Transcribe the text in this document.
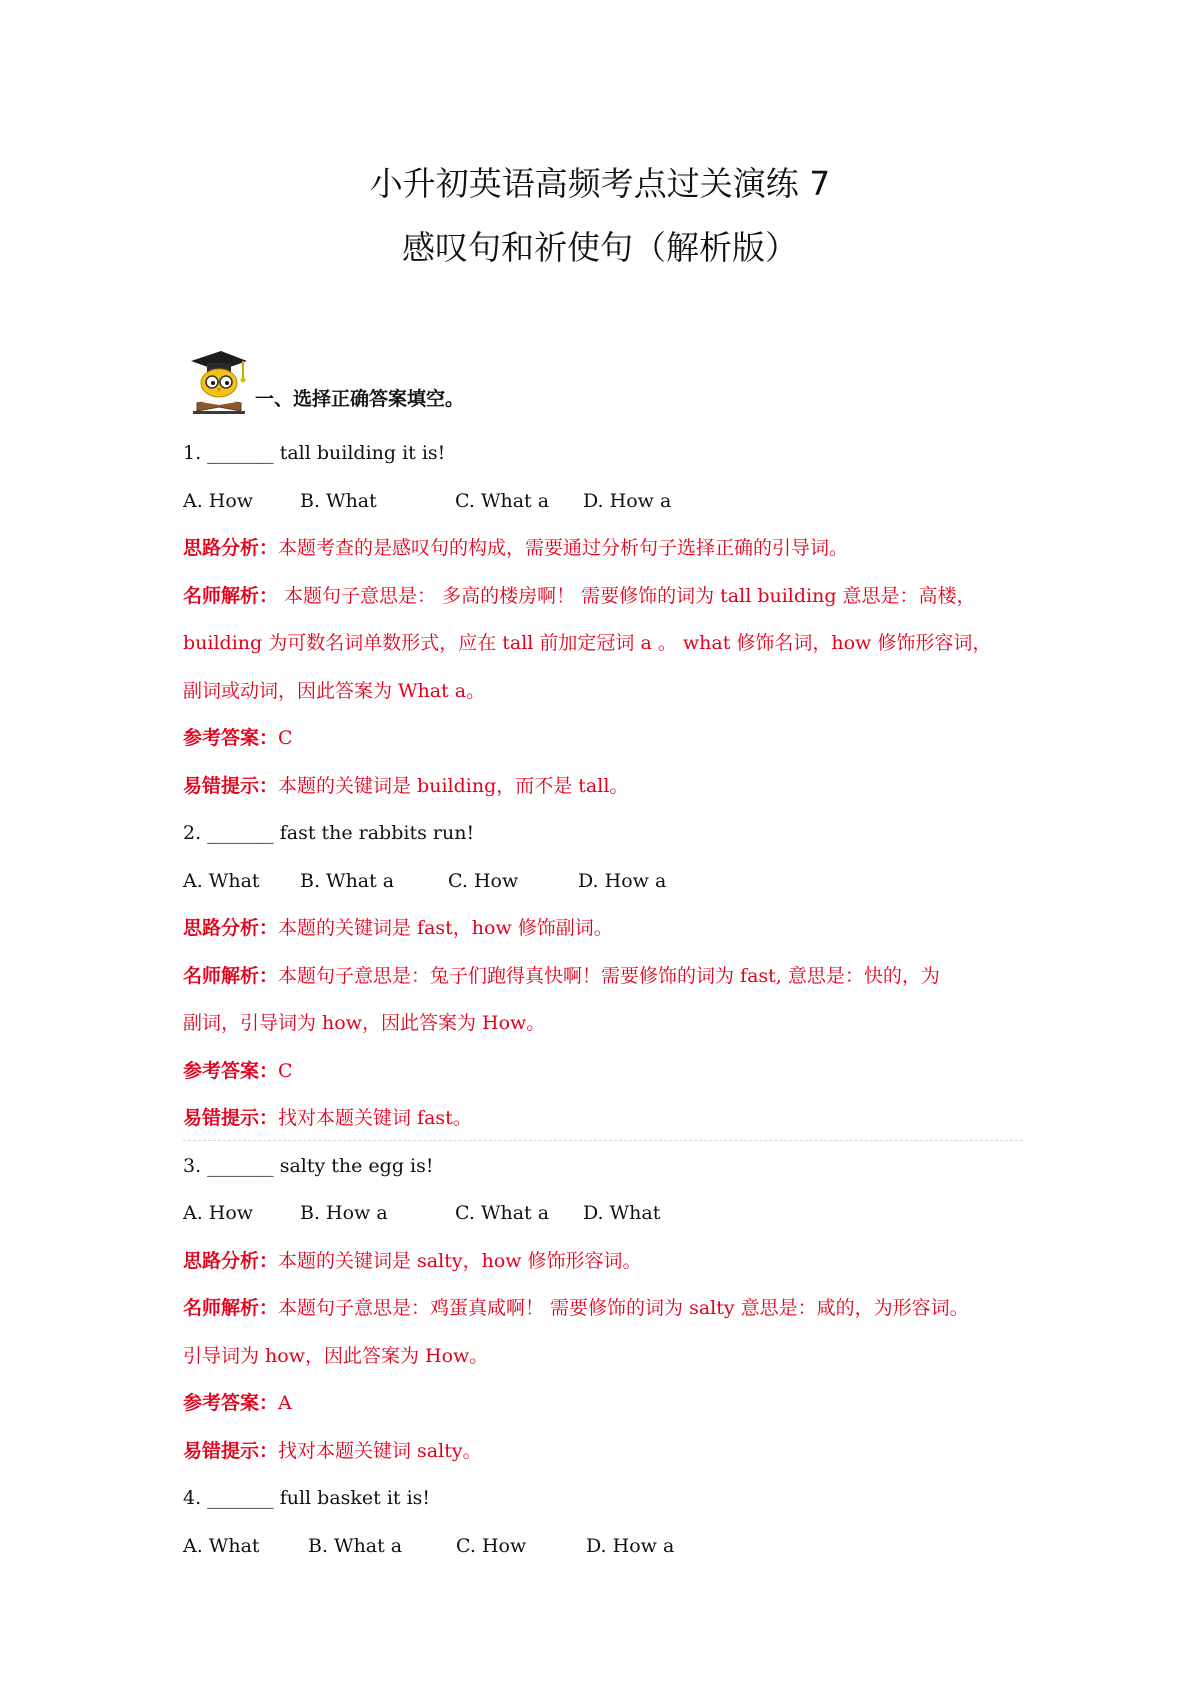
小升初英语高频考点过关演练 7
感叹句和祈使句（解析版）
一、选择正确答案填空。
1. _______ tall building it is!
A. How B. What	C. What a D. How a
思路分析：本题考查的是感叹句的构成，需要通过分析句子选择正确的引导词。
名师解析： 本题句子意思是： 多高的楼房啊！ 需要修饰的词为 tall building 意思是：高楼，
building 为可数名词单数形式，应在 tall 前加定冠词 a 。 what 修饰名词，how 修饰形容词，
副词或动词，因此答案为 What a。
参考答案：C
易错提示：本题的关键词是 building，而不是 tall。
2. _______ fast the rabbits run!
A. What B. What a	C. How	D. How a
思路分析：本题的关键词是 fast，how 修饰副词。
名师解析：本题句子意思是：兔子们跑得真快啊！需要修饰的词为 fast, 意思是：快的，为
副词，引导词为 how，因此答案为 How。
参考答案：C
易错提示：找对本题关键词 fast。
3. _______ salty the egg is!
A. How B. How a	C. What a D. What
思路分析：本题的关键词是 salty，how 修饰形容词。
名师解析：本题句子意思是：鸡蛋真咸啊！ 需要修饰的词为 salty 意思是：咸的，为形容词。
引导词为 how，因此答案为 How。
参考答案：A
易错提示：找对本题关键词 salty。
4. _______ full basket it is!
A. What	B. What a	C. How	D. How a
